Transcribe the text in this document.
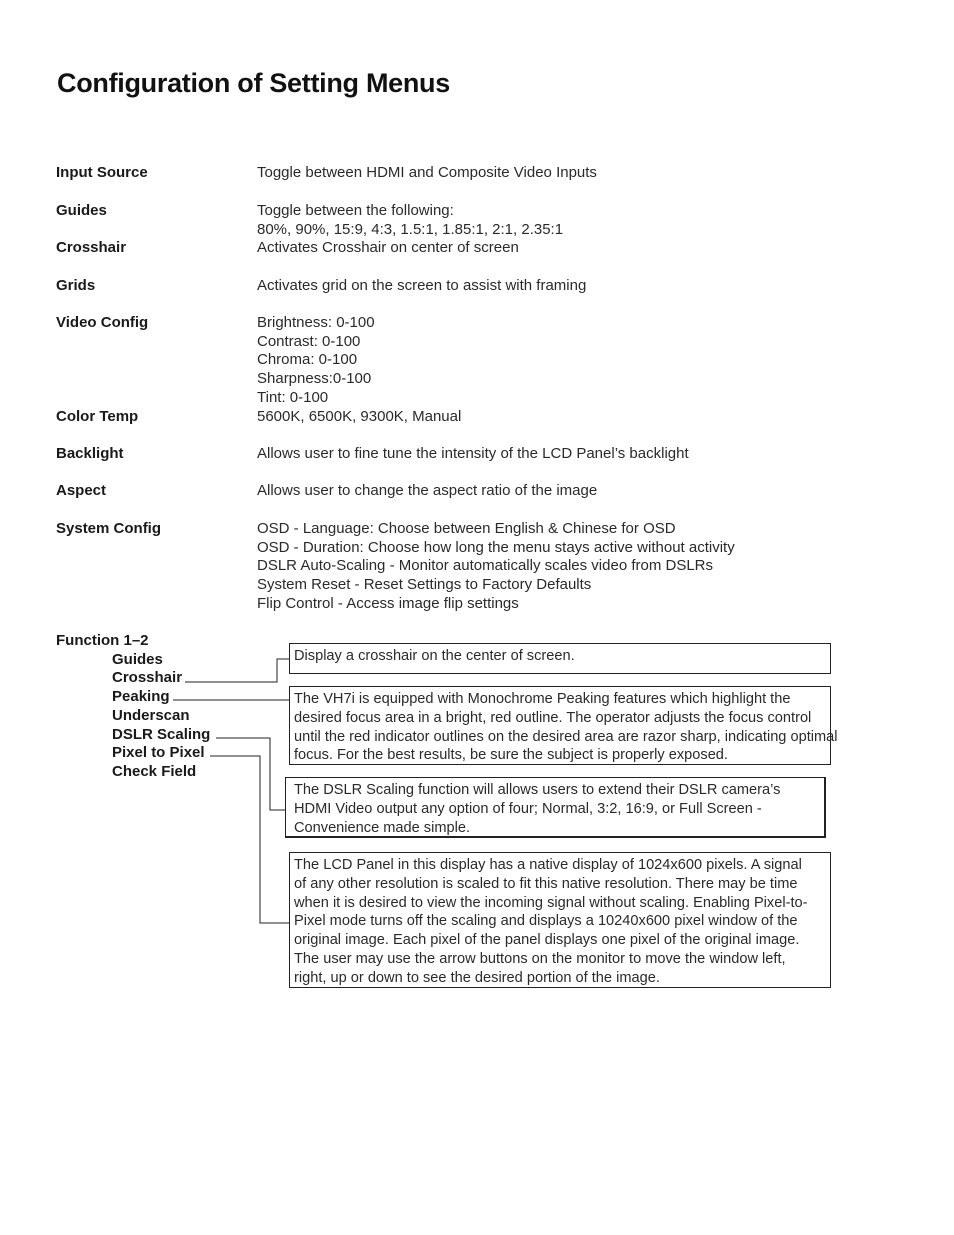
Configuration of Setting Menus
Input Source	Toggle between HDMI and Composite Video Inputs
Guides	Toggle between the following:
80%, 90%, 15:9, 4:3, 1.5:1, 1.85:1, 2:1, 2.35:1
Crosshair	Activates Crosshair on center of screen
Grids	Activates grid on the screen to assist with framing
Video Config	Brightness: 0-100
Contrast: 0-100
Chroma: 0-100
Sharpness:0-100
Tint: 0-100
Color Temp	5600K, 6500K, 9300K, Manual
Backlight	Allows user to fine tune the intensity of the LCD Panel’s backlight
Aspect	Allows user to change the aspect ratio of the image
System Config	OSD - Language: Choose between English & Chinese for OSD
OSD - Duration: Choose how long the menu stays active without activity
DSLR Auto-Scaling - Monitor automatically scales video from DSLRs
System Reset - Reset Settings to Factory Defaults
Flip Control - Access image flip settings
Function 1–2
Guides
Crosshair
Peaking
Underscan
DSLR Scaling
Pixel to Pixel
Check Field
Display a crosshair on the center of screen.
The VH7i is equipped with Monochrome Peaking features which highlight the
desired focus area in a bright, red outline. The operator adjusts the focus control
until the red indicator outlines on the desired area are razor sharp, indicating optimal
focus. For the best results, be sure the subject is properly exposed.
The DSLR Scaling function will allows users to extend their DSLR camera’s
HDMI Video output any option of four; Normal, 3:2, 16:9, or Full Screen -
Convenience made simple.
The LCD Panel in this display has a native display of 1024x600 pixels. A signal
of any other resolution is scaled to fit this native resolution. There may be time
when it is desired to view the incoming signal without scaling. Enabling Pixel-to-
Pixel mode turns off the scaling and displays a 10240x600 pixel window of the
original image. Each pixel of the panel displays one pixel of the original image.
The user may use the arrow buttons on the monitor to move the window left,
right, up or down to see the desired portion of the image.
